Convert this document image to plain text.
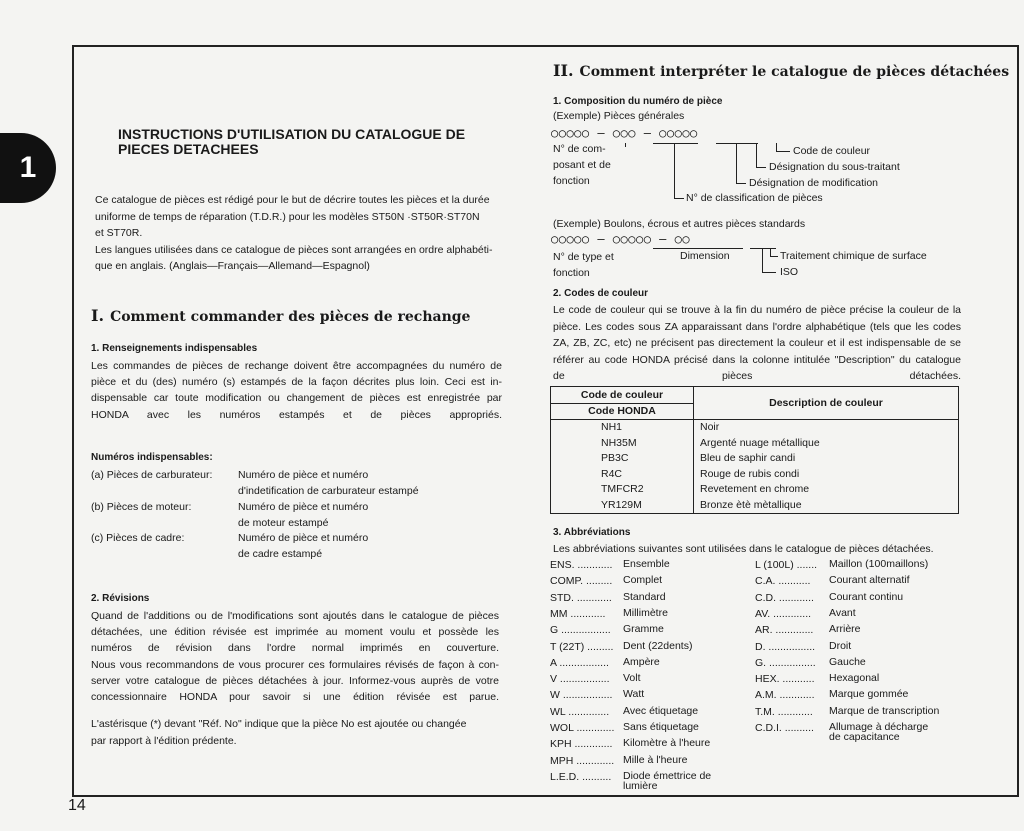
1
14
INSTRUCTIONS D'UTILISATION DU CATALOGUE DE PIECES DETACHEES
Ce catalogue de pièces est rédigé pour le but de décrire toutes les pièces et la durée
uniforme de temps de réparation (T.D.R.) pour les modèles ST50N ·ST50R·ST70N
et ST70R.
Les langues utilisées dans ce catalogue de pièces sont arrangées en ordre alphabéti-
que en anglais. (Anglais—Français—Allemand—Espagnol)
I. Comment commander des pièces de rechange
1. Renseignements indispensables
Les commandes de pièces de rechange doivent être accompagnées du numéro de
pièce et du (des) numéro (s) estampés de la façon décrites plus loin. Ceci est in-
dispensable car toute modification ou changement de pièces est enregistrée par
HONDA avec les numéros estampés et de pièces appropriés.
Numéros indispensables:
(a) Pièces de carburateur: Numéro de pièce et numéro
d'indetification de carburateur estampé
(b) Pièces de moteur:	Numéro de pièce et numéro
de moteur estampé
(c) Pièces de cadre:	Numéro de pièce et numéro
de cadre estampé
2. Révisions
Quand de l'additions ou de l'modifications sont ajoutés dans le catalogue de pièces
détachées, une édition révisée est imprimée au moment voulu et possède les
numéros de révision dans l'ordre normal imprimés en couverture.
Nous vous recommandons de vous procurer ces formulaires révisés de façon à con-
server votre catalogue de pièces détachées à jour. Informez-vous auprès de votre
concessionnaire HONDA pour savoir si une édition révisée est parue.
L'astérisque (*) devant "Réf. No" indique que la pièce No est ajoutée ou changée
par rapport à l'édition prédente.
II. Comment interpréter le catalogue de pièces détachées
1. Composition du numéro de pièce
(Exemple) Pièces générales
○○○○○ – ○○○ – ○○○○○
N° de com-
posant et de
fonction
Code de couleur
Désignation du sous-traitant
Désignation de modification
N° de classification de pièces
(Exemple) Boulons, écrous et autres pièces standards
○○○○○ – ○○○○○ – ○○
N° de type et
fonction
Dimension	Traitement chimique de surface
ISO
2. Codes de couleur
Le code de couleur qui se trouve à la fin du numéro de pièce précise la couleur de la
pièce. Les codes sous ZA apparaissant dans l'ordre alphabétique (tels que les codes
ZA, ZB, ZC, etc) ne précisent pas directement la couleur et il est indispensable de se
référer au code HONDA précisé dans la colonne intitulée "Description" du catalogue
de pièces détachées.
Code de couleur
Code HONDA	Description de couleur
NH1	Noir
NH35M	Argenté nuage métallique
PB3C	Bleu de saphir candi
R4C	Rouge de rubis condi
TMFCR2	Revetement en chrome
YR129M	Bronze ètè mètallique
3. Abbréviations
Les abbréviations suivantes sont utilisées dans le catalogue de pièces détachées.
ENS. ............ Ensemble
COMP. ......... Complet
STD. ............ Standard
MM ............ Millimètre
G ................. Gramme
T (22T) ......... Dent (22dents)
A ................. Ampère
V ................. Volt
W ................. Watt
WL .............. Avec étiquetage
WOL ............. Sans étiquetage
KPH ............. Kilomètre à l'heure
MPH ............. Mille à l'heure
L.E.D. .......... Diode émettrice de
lumière
L (100L) ....... Maillon (100maillons)
C.A. ........... Courant alternatif
C.D. ............ Courant continu
AV. ............. Avant
AR. ............. Arrière
D. ................ Droit
G. ................ Gauche
HEX. ........... Hexagonal
A.M. ............ Marque gommée
T.M. ............ Marque de transcription
C.D.I. .......... Allumage à décharge
de capacitance
